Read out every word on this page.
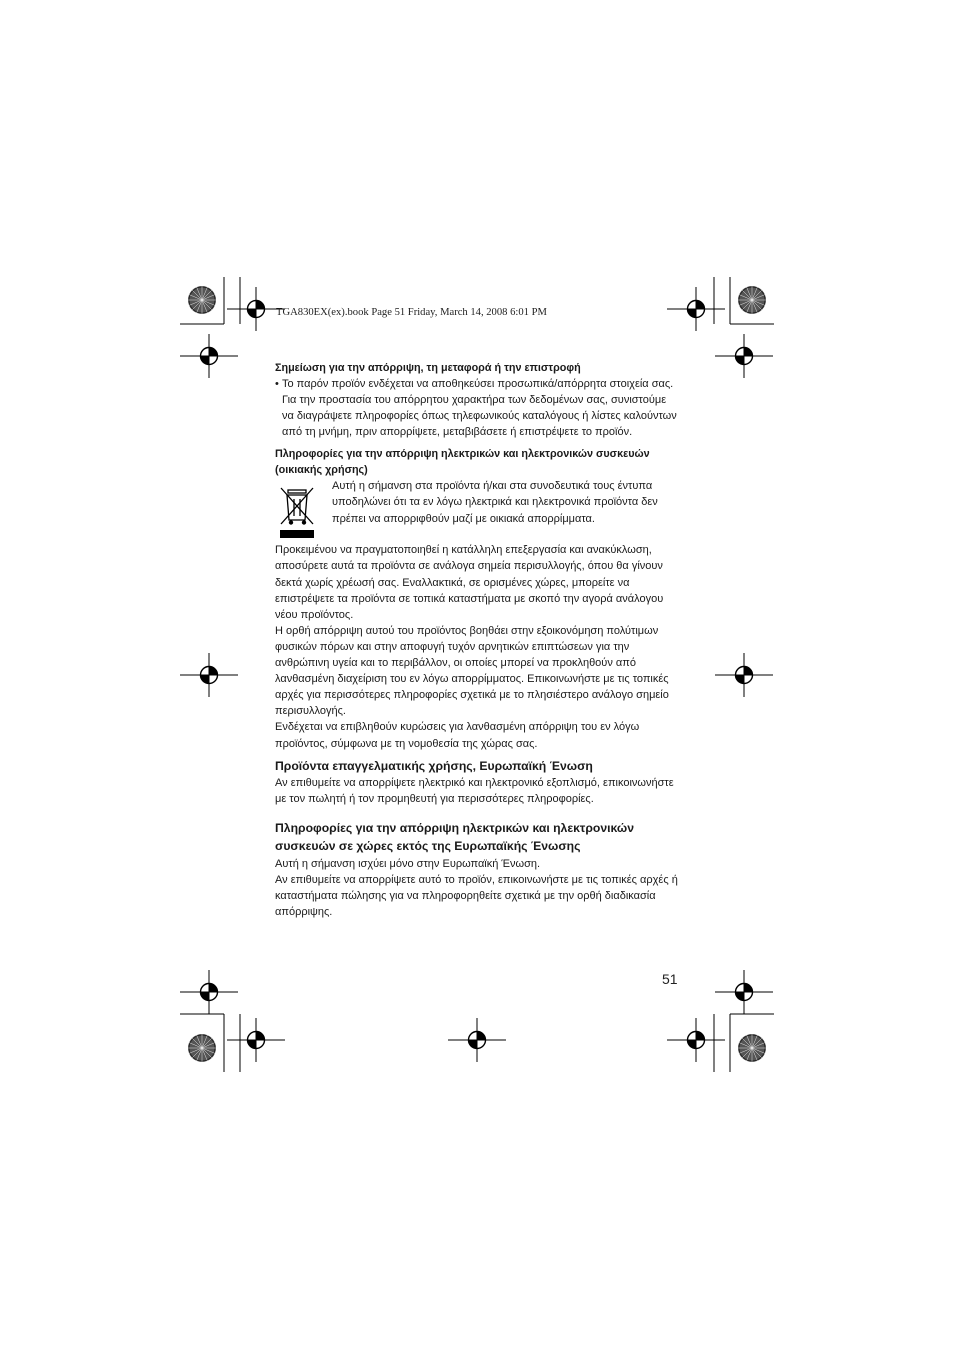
TGA830EX(ex).book Page 51 Friday, March 14, 2008 6:01 PM
Σημείωση για την απόρριψη, τη μεταφορά ή την επιστροφή

• Το παρόν προϊόν ενδέχεται να αποθηκεύσει προσωπικά/απόρρητα στοιχεία σας. Για την προστασία του απόρρητου χαρακτήρα των δεδομένων σας, συνιστούμε να διαγράψετε πληροφορίες όπως τηλεφωνικούς καταλόγους ή λίστες καλούντων από τη μνήμη, πριν απορρίψετε, μεταβιβάσετε ή επιστρέψετε το προϊόν.

Πληροφορίες για την απόρριψη ηλεκτρικών και ηλεκτρονικών συσκευών (οικιακής χρήσης)

Αυτή η σήμανση στα προϊόντα ή/και στα συνοδευτικά τους έντυπα υποδηλώνει ότι τα εν λόγω ηλεκτρικά και ηλεκτρονικά προϊόντα δεν πρέπει να απορριφθούν μαζί με οικιακά απορρίμματα.

Προκειμένου να πραγματοποιηθεί η κατάλληλη επεξεργασία και ανακύκλωση, αποσύρετε αυτά τα προϊόντα σε ανάλογα σημεία περισυλλογής, όπου θα γίνουν δεκτά χωρίς χρέωσή σας. Εναλλακτικά, σε ορισμένες χώρες, μπορείτε να επιστρέψετε τα προϊόντα σε τοπικά καταστήματα με σκοπό την αγορά ανάλογου νέου προϊόντος.

Η ορθή απόρριψη αυτού του προϊόντος βοηθάει στην εξοικονόμηση πολύτιμων φυσικών πόρων και στην αποφυγή τυχόν αρνητικών επιπτώσεων για την ανθρώπινη υγεία και το περιβάλλον, οι οποίες μπορεί να προκληθούν από λανθασμένη διαχείριση του εν λόγω απορρίμματος. Επικοινωνήστε με τις τοπικές αρχές για περισσότερες πληροφορίες σχετικά με το πλησιέστερο ανάλογο σημείο περισυλλογής.

Ενδέχεται να επιβληθούν κυρώσεις για λανθασμένη απόρριψη του εν λόγω προϊόντος, σύμφωνα με τη νομοθεσία της χώρας σας.

Προϊόντα επαγγελματικής χρήσης, Ευρωπαϊκή Ένωση

Αν επιθυμείτε να απορρίψετε ηλεκτρικό και ηλεκτρονικό εξοπλισμό, επικοινωνήστε με τον πωλητή ή τον προμηθευτή για περισσότερες πληροφορίες.

Πληροφορίες για την απόρριψη ηλεκτρικών και ηλεκτρονικών συσκευών σε χώρες εκτός της Ευρωπαϊκής Ένωσης

Αυτή η σήμανση ισχύει μόνο στην Ευρωπαϊκή Ένωση.

Αν επιθυμείτε να απορρίψετε αυτό το προϊόν, επικοινωνήστε με τις τοπικές αρχές ή καταστήματα πώλησης για να πληροφορηθείτε σχετικά με την ορθή διαδικασία απόρριψης.

51
